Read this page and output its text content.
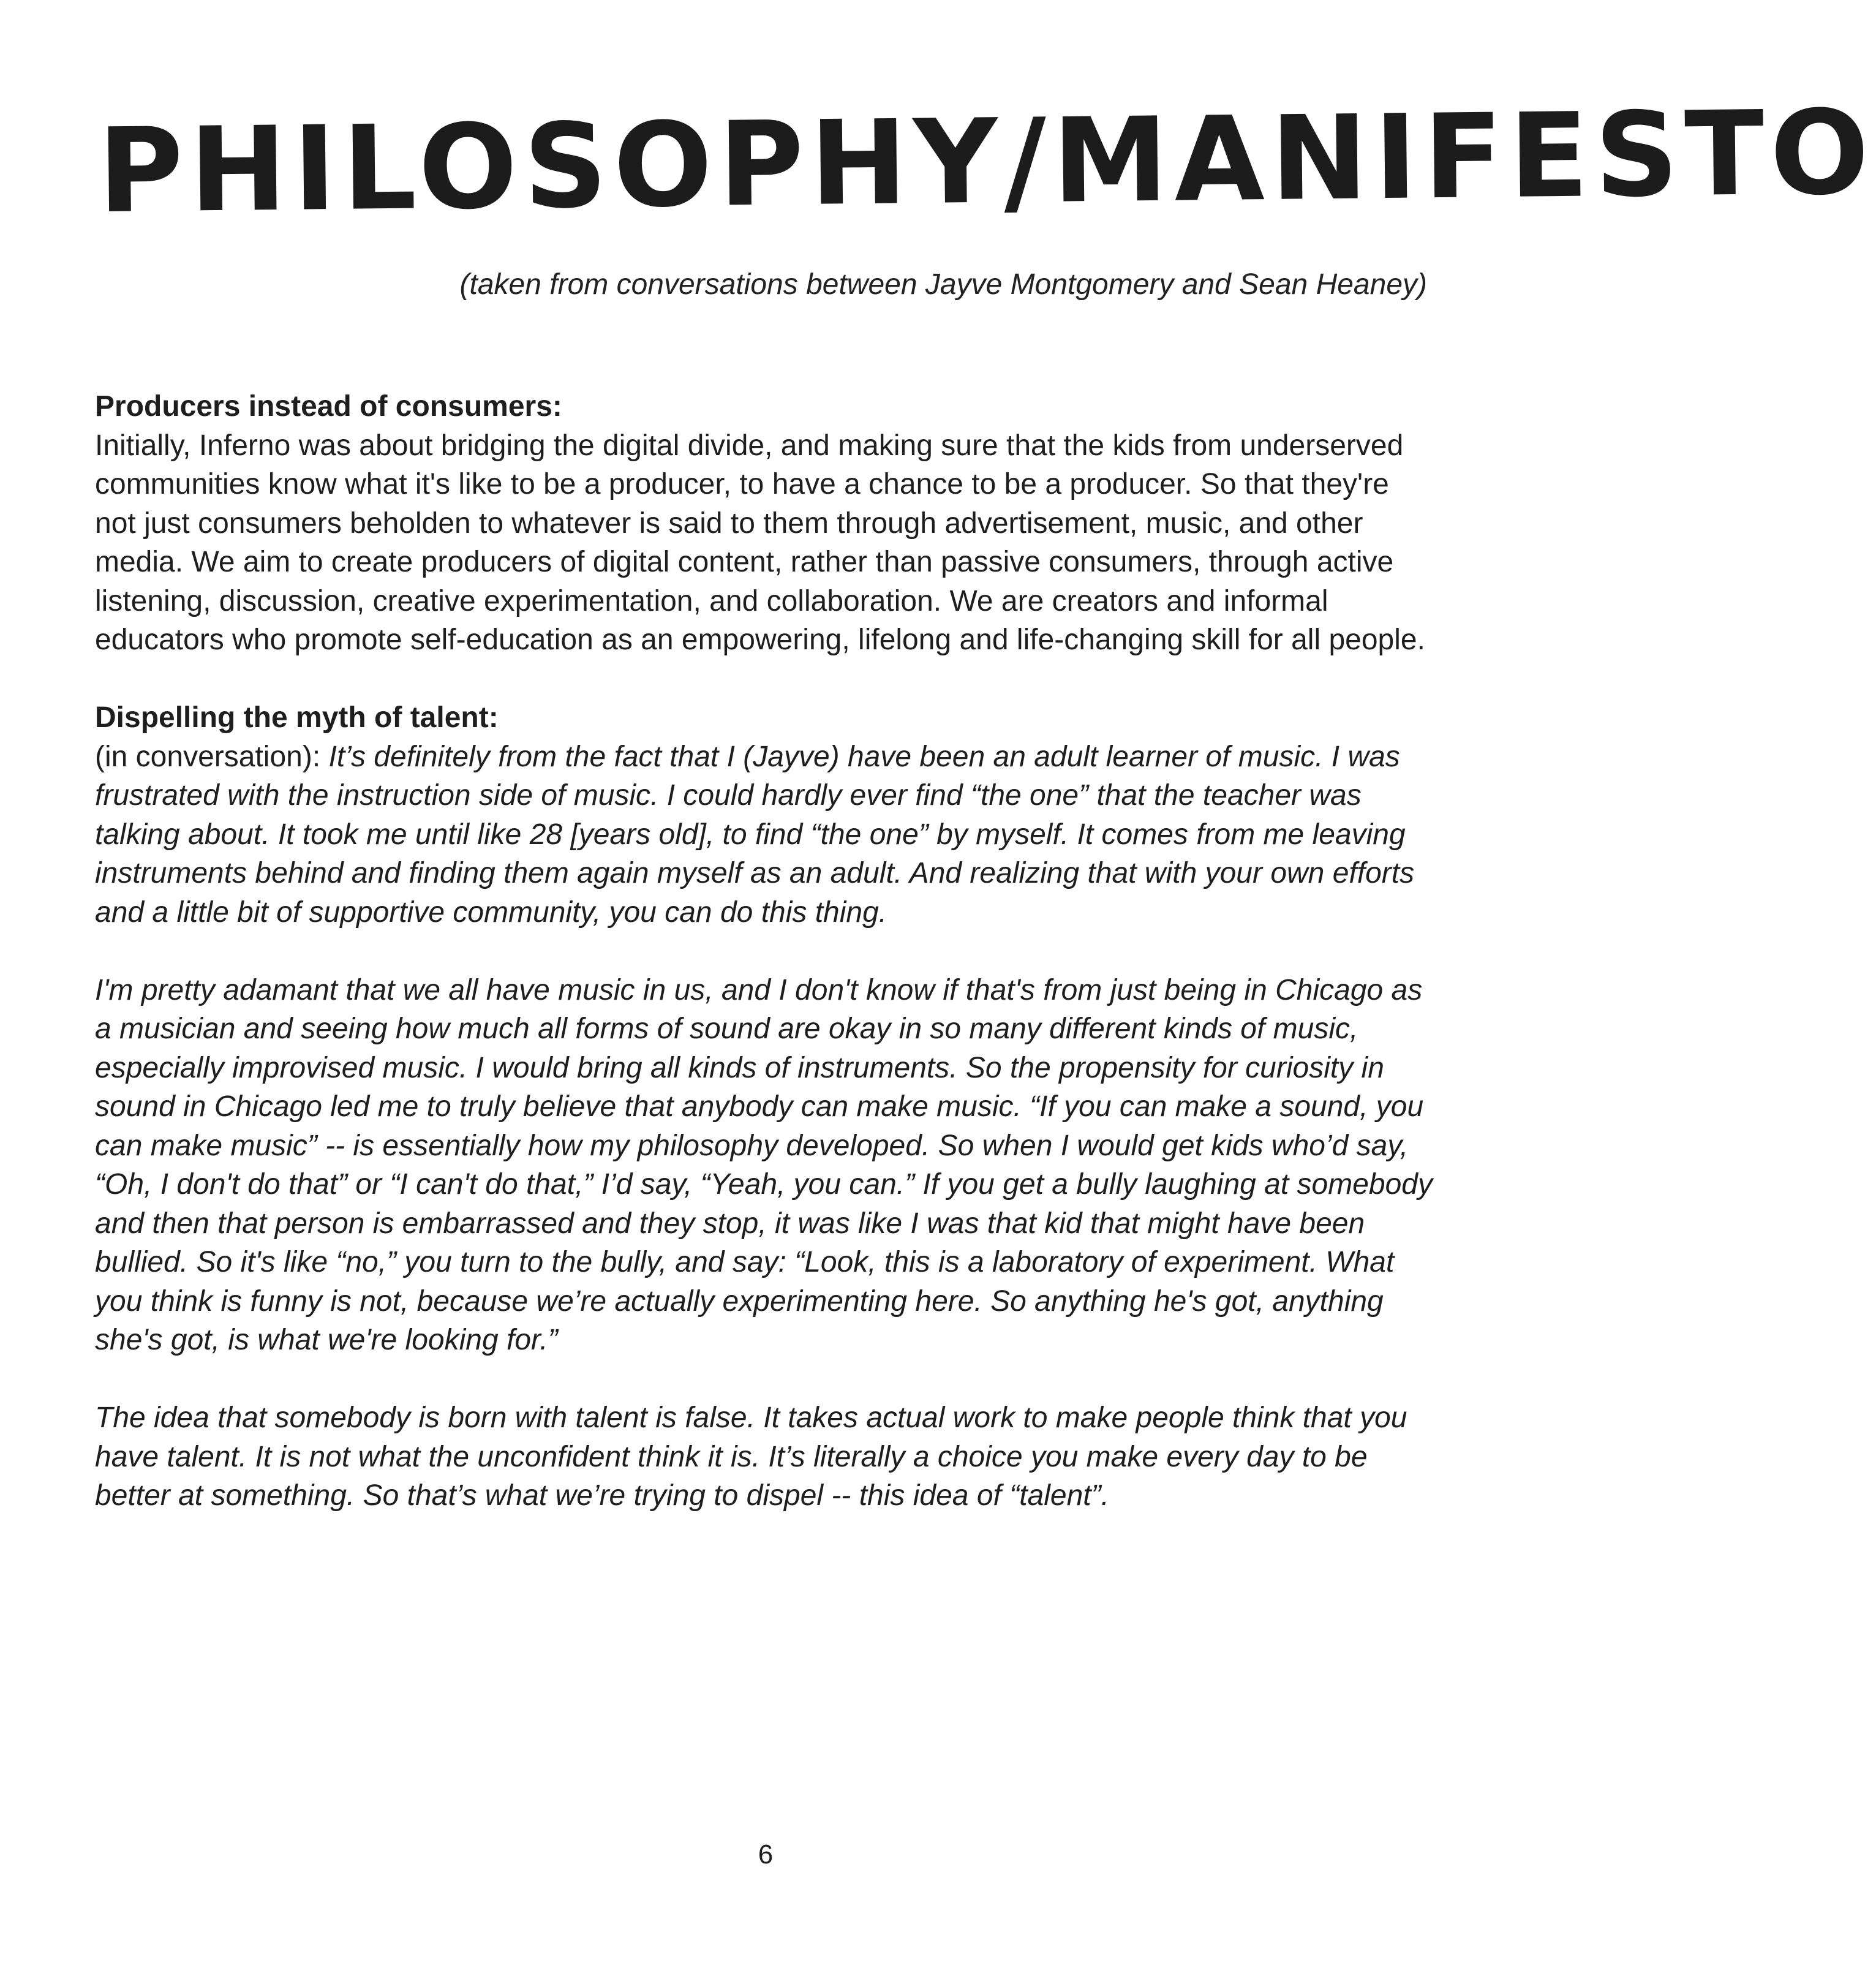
PHILOSOPHY/MANIFESTO
(taken from conversations between Jayve Montgomery and Sean Heaney)

Producers instead of consumers:
Initially, Inferno was about bridging the digital divide, and making sure that the kids from underserved communities know what it's like to be a producer, to have a chance to be a producer. So that they're not just consumers beholden to whatever is said to them through advertisement, music, and other media. We aim to create producers of digital content, rather than passive consumers, through active listening, discussion, creative experimentation, and collaboration. We are creators and informal educators who promote self-education as an empowering, lifelong and life-changing skill for all people.

Dispelling the myth of talent:
(in conversation): It’s definitely from the fact that I (Jayve) have been an adult learner of music. I was frustrated with the instruction side of music. I could hardly ever find “the one” that the teacher was talking about. It took me until like 28 [years old], to find “the one” by myself. It comes from me leaving instruments behind and finding them again myself as an adult. And realizing that with your own efforts and a little bit of supportive community, you can do this thing.

I'm pretty adamant that we all have music in us, and I don't know if that's from just being in Chicago as a musician and seeing how much all forms of sound are okay in so many different kinds of music, especially improvised music. I would bring all kinds of instruments. So the propensity for curiosity in sound in Chicago led me to truly believe that anybody can make music. “If you can make a sound, you can make music” -- is essentially how my philosophy developed. So when I would get kids who’d say, “Oh, I don't do that” or “I can't do that,” I’d say, “Yeah, you can.” If you get a bully laughing at somebody and then that person is embarrassed and they stop, it was like I was that kid that might have been bullied. So it's like “no,” you turn to the bully, and say: “Look, this is a laboratory of experiment. What you think is funny is not, because we’re actually experimenting here. So anything he's got, anything she's got, is what we're looking for.”

The idea that somebody is born with talent is false. It takes actual work to make people think that you have talent. It is not what the unconfident think it is. It’s literally a choice you make every day to be better at something. So that’s what we’re trying to dispel -- this idea of “talent”.

6
